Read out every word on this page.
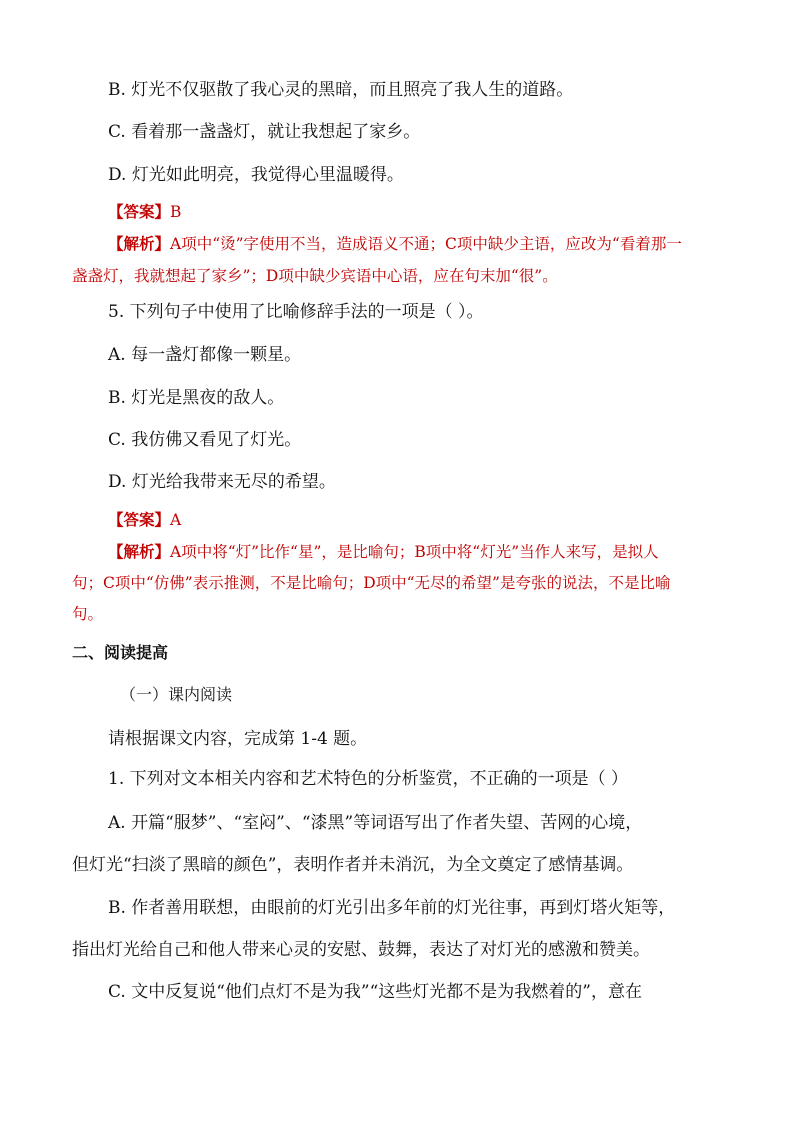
B. 灯光不仅驱散了我心灵的黑暗，而且照亮了我人生的道路。
C. 看着那一盏盏灯，就让我想起了家乡。
D. 灯光如此明亮，我觉得心里温暖得。
【答案】B
【解析】A项中“烫”字使用不当，造成语义不通；C项中缺少主语，应改为“看着那一
盏盏灯，我就想起了家乡”；D项中缺少宾语中心语，应在句末加“很”。
5. 下列句子中使用了比喻修辞手法的一项是（ ）。
A. 每一盏灯都像一颗星。
B. 灯光是黑夜的敌人。
C. 我仿佛又看见了灯光。
D. 灯光给我带来无尽的希望。
【答案】A
【解析】A项中将“灯”比作“星”，是比喻句；B项中将“灯光”当作人来写，是拟人
句；C项中“仿佛”表示推测，不是比喻句；D项中“无尽的希望”是夸张的说法，不是比喻
句。
二、阅读提高
（一）课内阅读
请根据课文内容，完成第 1-4 题。
1. 下列对文本相关内容和艺术特色的分析鉴赏，不正确的一项是（ ）
A. 开篇“服梦”、“室闷”、“漆黑”等词语写出了作者失望、苦网的心境，
但灯光“扫淡了黑暗的颜色”，表明作者并未消沉，为全文奠定了感情基调。
B. 作者善用联想，由眼前的灯光引出多年前的灯光往事，再到灯塔火矩等，
指出灯光给自己和他人带来心灵的安慰、鼓舞，表达了对灯光的感激和赞美。
C. 文中反复说“他们点灯不是为我”“这些灯光都不是为我燃着的”，意在
